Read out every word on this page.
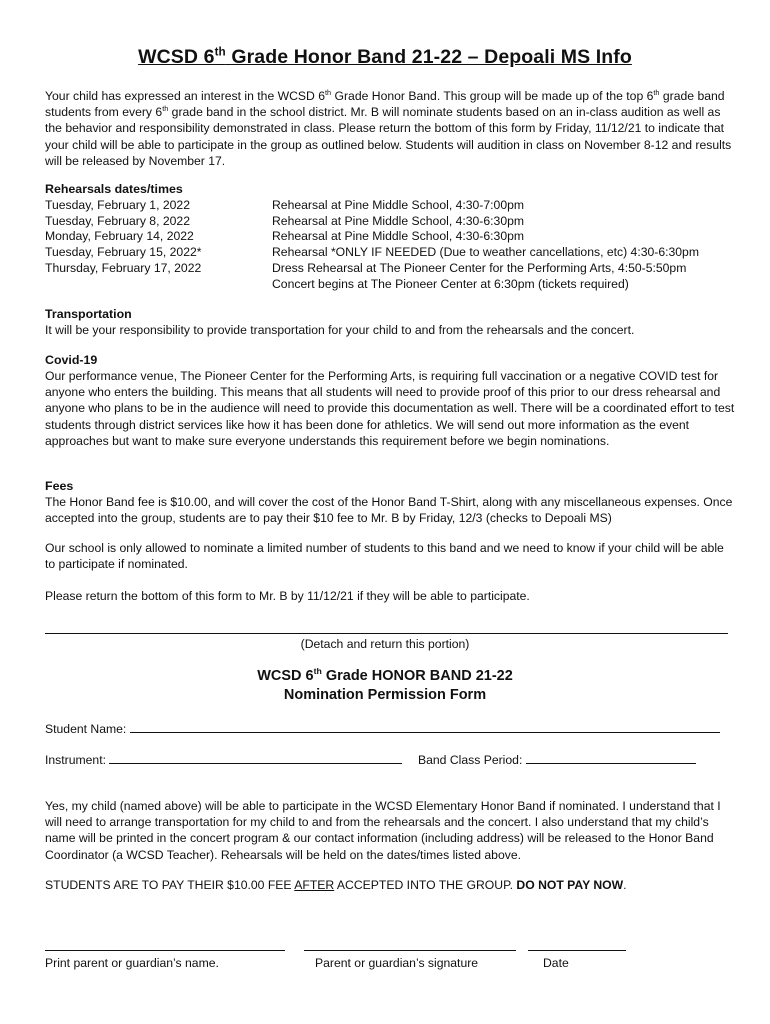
WCSD 6th Grade Honor Band 21-22 – Depoali MS Info
Your child has expressed an interest in the WCSD 6th Grade Honor Band. This group will be made up of the top 6th grade band students from every 6th grade band in the school district. Mr. B will nominate students based on an in-class audition as well as the behavior and responsibility demonstrated in class. Please return the bottom of this form by Friday, 11/12/21 to indicate that your child will be able to participate in the group as outlined below. Students will audition in class on November 8-12 and results will be released by November 17.
Rehearsals dates/times
Tuesday, February 1, 2022	Rehearsal at Pine Middle School, 4:30-7:00pm
Tuesday, February 8, 2022	Rehearsal at Pine Middle School, 4:30-6:30pm
Monday, February 14, 2022	Rehearsal at Pine Middle School, 4:30-6:30pm
Tuesday, February 15, 2022*	Rehearsal *ONLY IF NEEDED (Due to weather cancellations, etc) 4:30-6:30pm
Thursday, February 17, 2022	Dress Rehearsal at The Pioneer Center for the Performing Arts, 4:50-5:50pm
Concert begins at The Pioneer Center at 6:30pm (tickets required)
Transportation
It will be your responsibility to provide transportation for your child to and from the rehearsals and the concert.
Covid-19
Our performance venue, The Pioneer Center for the Performing Arts, is requiring full vaccination or a negative COVID test for anyone who enters the building. This means that all students will need to provide proof of this prior to our dress rehearsal and anyone who plans to be in the audience will need to provide this documentation as well. There will be a coordinated effort to test students through district services like how it has been done for athletics. We will send out more information as the event approaches but want to make sure everyone understands this requirement before we begin nominations.
Fees
The Honor Band fee is $10.00, and will cover the cost of the Honor Band T-Shirt, along with any miscellaneous expenses. Once accepted into the group, students are to pay their $10 fee to Mr. B by Friday, 12/3 (checks to Depoali MS)
Our school is only allowed to nominate a limited number of students to this band and we need to know if your child will be able to participate if nominated.
Please return the bottom of this form to Mr. B by 11/12/21 if they will be able to participate.
(Detach and return this portion)
WCSD 6th Grade HONOR BAND 21-22
Nomination Permission Form
Student Name:
Instrument:	Band Class Period:
Yes, my child (named above) will be able to participate in the WCSD Elementary Honor Band if nominated. I understand that I will need to arrange transportation for my child to and from the rehearsals and the concert. I also understand that my child’s name will be printed in the concert program & our contact information (including address) will be released to the Honor Band Coordinator (a WCSD Teacher). Rehearsals will be held on the dates/times listed above.
STUDENTS ARE TO PAY THEIR $10.00 FEE AFTER ACCEPTED INTO THE GROUP. DO NOT PAY NOW.
Print parent or guardian’s name.	Parent or guardian’s signature	Date
